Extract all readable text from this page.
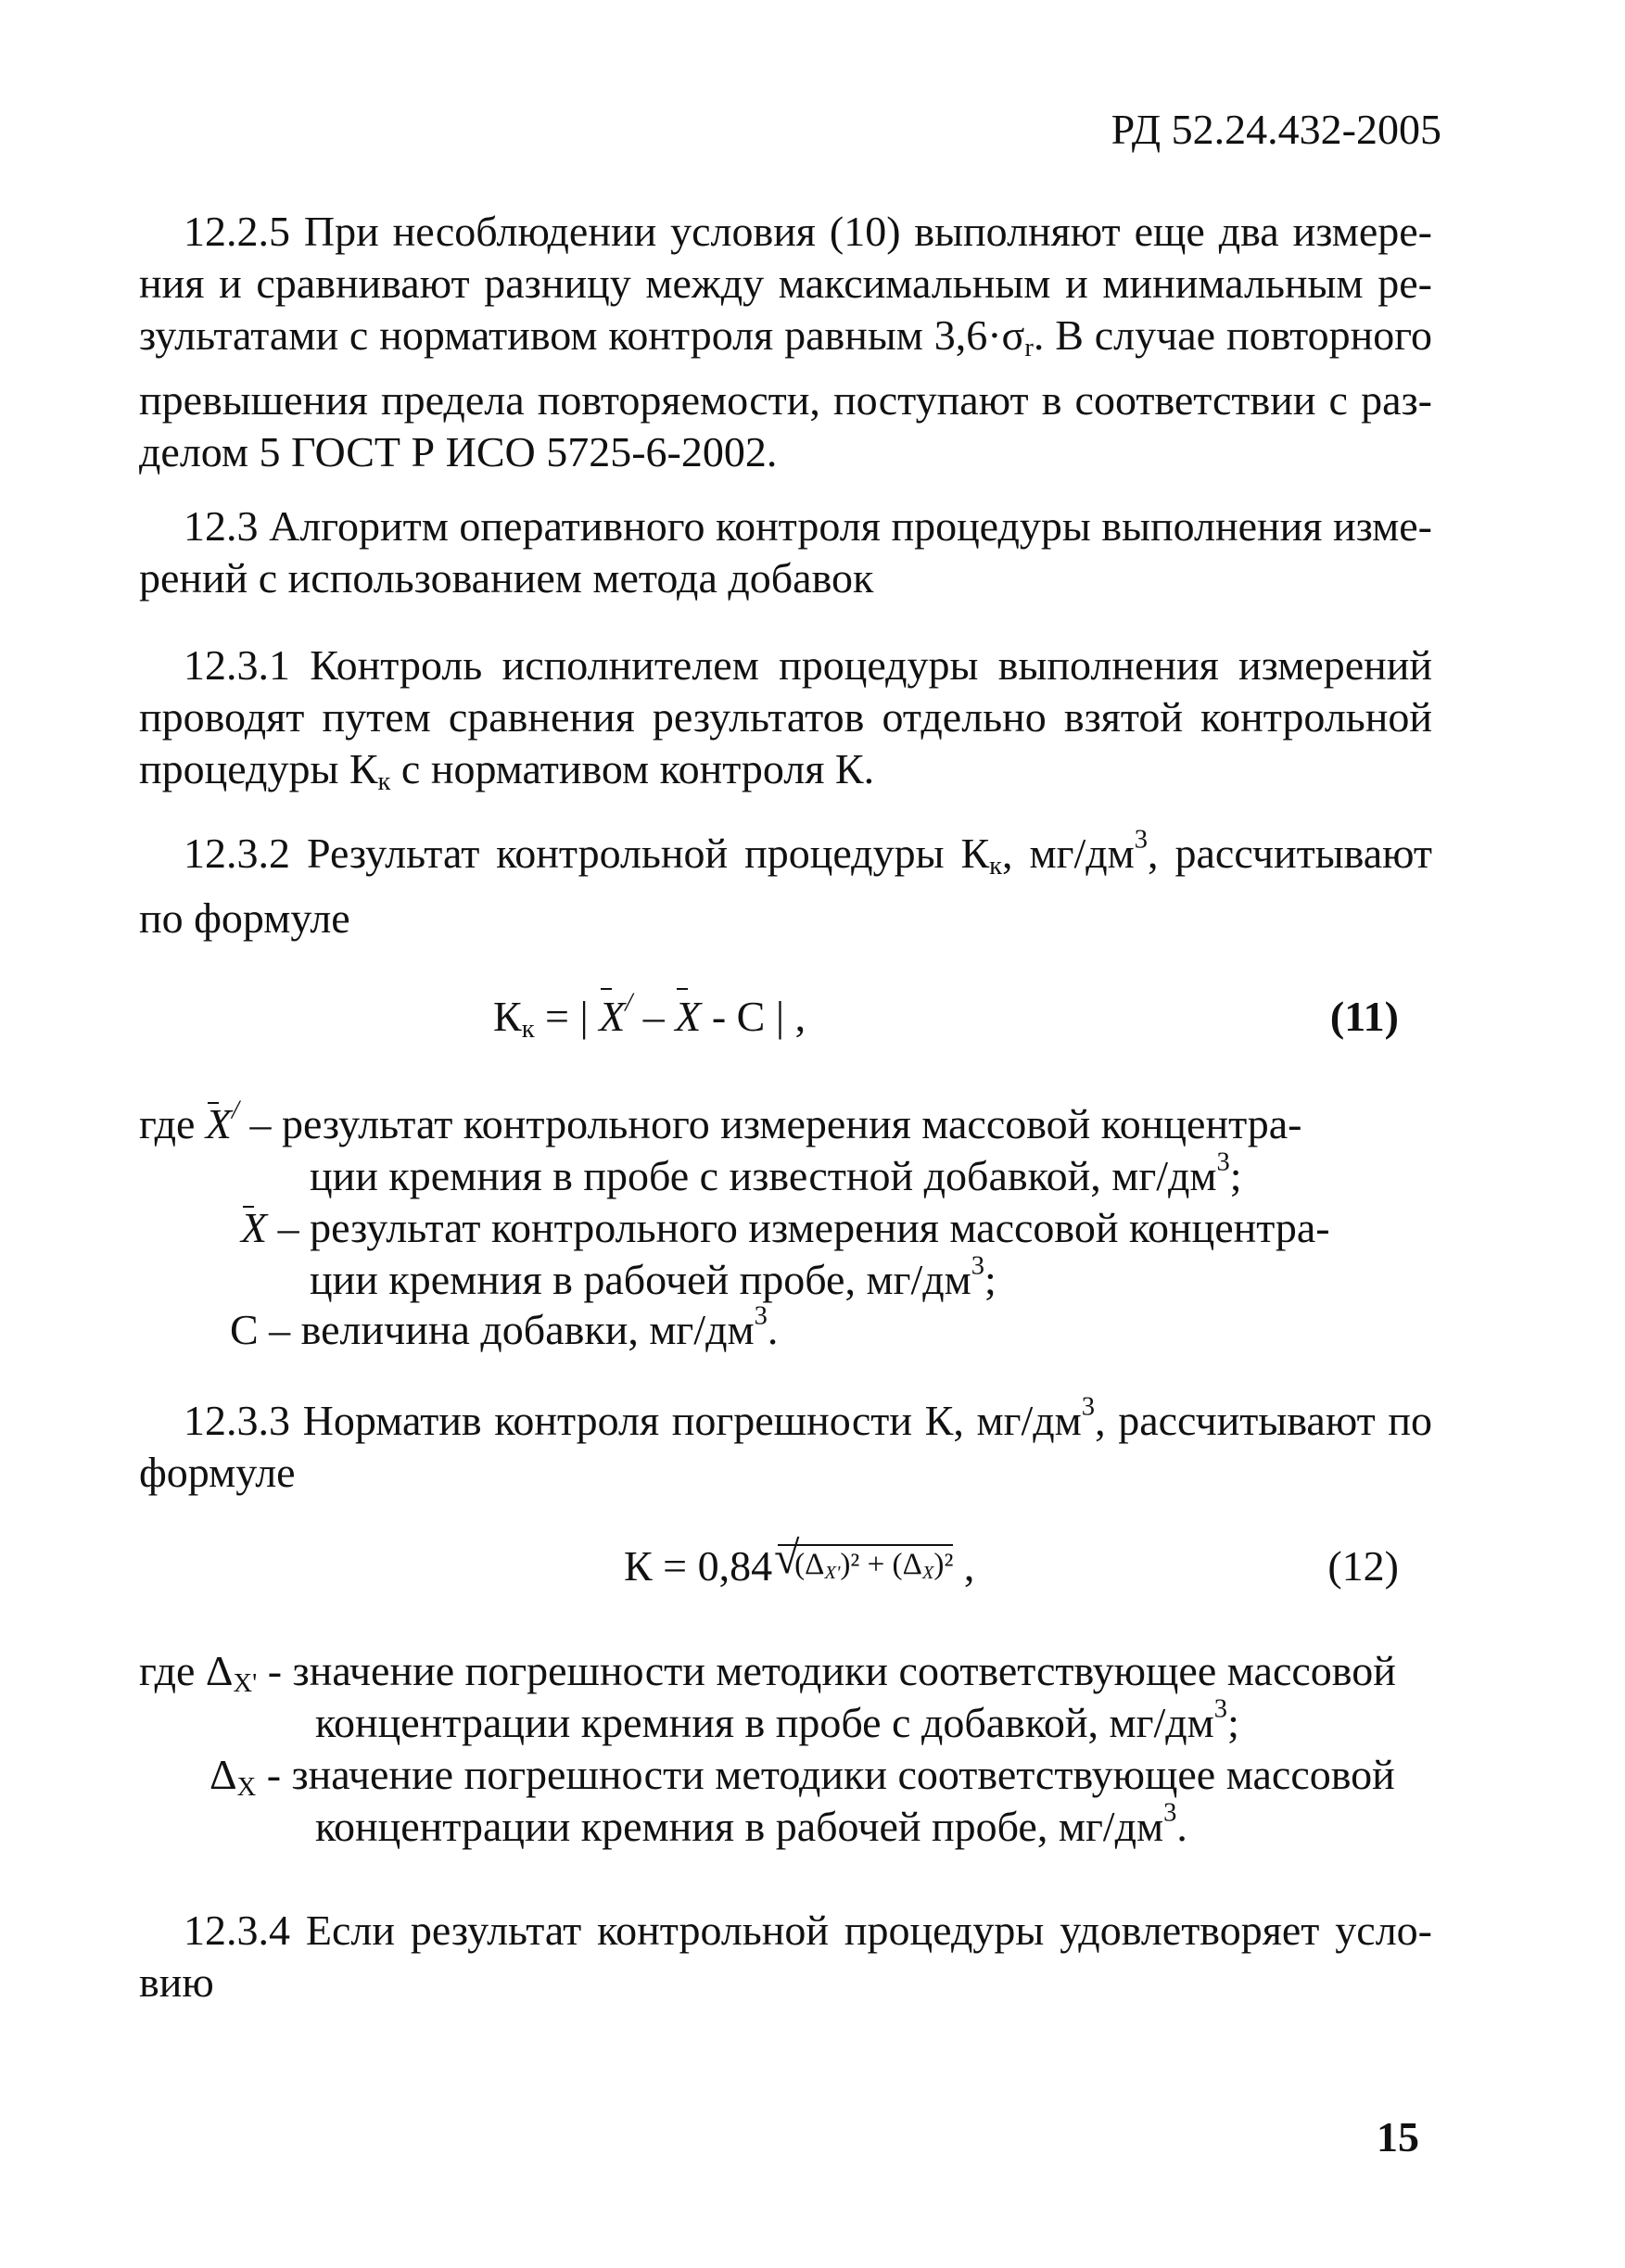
РД 52.24.432-2005
12.2.5 При несоблюдении условия (10) выполняют еще два измере-ния и сравнивают разницу между максимальным и минимальным ре-зультатами с нормативом контроля равным $3,6\cdot\sigma_r$. В случае повторного превышения предела повторяемости, поступают в соответствии с раз-делом 5 ГОСТ Р ИСО 5725-6-2002.
12.3 Алгоритм оперативного контроля процедуры выполнения изме-рений с использованием метода добавок
12.3.1 Контроль исполнителем процедуры выполнения измерений проводят путем сравнения результатов отдельно взятой контрольной процедуры $К_к$ с нормативом контроля К.
12.3.2 Результат контрольной процедуры $К_к$, $мг/дм^3$, рассчитывают по формуле
$К_к$ = | X/ – X - C | ,	(11)
где X/ – результат контрольного измерения массовой концентра-
ции кремния в пробе с известной добавкой, $мг/дм^3$;
X – результат контрольного измерения массовой концентра-
ции кремния в рабочей пробе, $мг/дм^3$;
С – величина добавки, $мг/дм^3$.
12.3.3 Норматив контроля погрешности К, $мг/дм^3$, рассчитывают по формуле
К = 0,84√ $(\Delta_{X'})^2 + (\Delta_X)^2$ ,	(12)
где $\Delta_{X'}$ - значение погрешности методики соответствующее массовой
концентрации кремния в пробе с добавкой, $мг/дм^3$;
$\Delta_X$ - значение погрешности методики соответствующее массовой
концентрации кремния в рабочей пробе, $мг/дм^3$.
12.3.4 Если результат контрольной процедуры удовлетворяет усло-вию
15
